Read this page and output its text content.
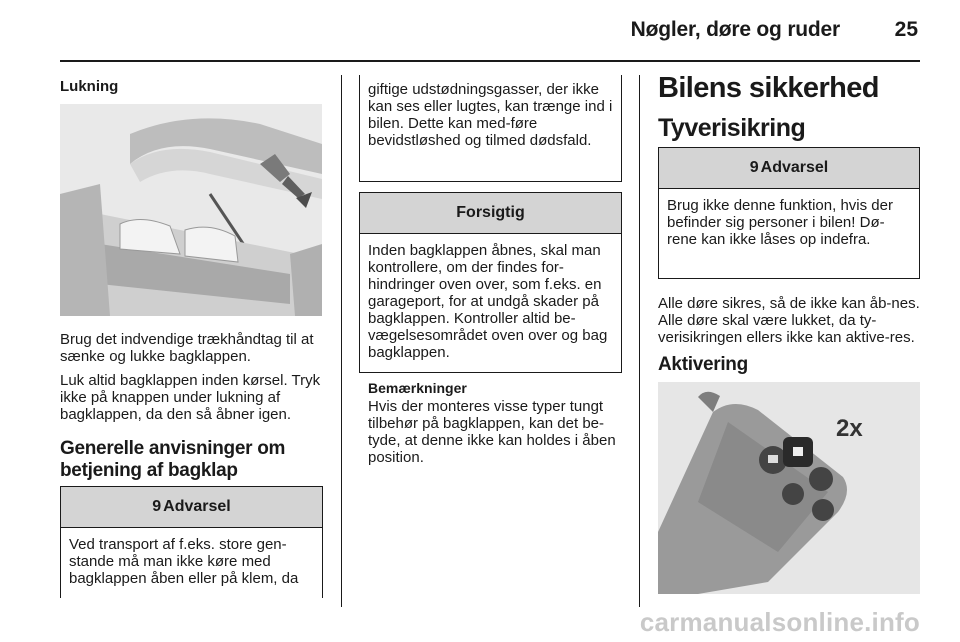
Nøgler, døre og ruder	25
Lukning

Brug det indvendige trækhåndtag til at sænke og lukke bagklappen.

Luk altid bagklappen inden kørsel. Tryk ikke på knappen under lukning af bagklappen, da den så åbner igen.

Generelle anvisninger om betjening af bagklap
9 Advarsel
Ved transport af f.eks. store gen-stande må man ikke køre med bagklappen åben eller på klem, da
giftige udstødningsgasser, der ikke kan ses eller lugtes, kan trænge ind i bilen. Dette kan med-føre bevidstløshed og tilmed dødsfald.
Forsigtig
Inden bagklappen åbnes, skal man kontrollere, om der findes for-hindringer oven over, som f.eks. en garageport, for at undgå skader på bagklappen. Kontroller altid be-vægelsesområdet oven over og bag bagklappen.
Bemærkninger

Hvis der monteres visse typer tungt tilbehør på bagklappen, kan det be-tyde, at denne ikke kan holdes i åben position.

Bilens sikkerhed
Tyverisikring
9 Advarsel
Brug ikke denne funktion, hvis der befinder sig personer i bilen! Dø-rene kan ikke låses op indefra.

Alle døre sikres, så de ikke kan åb-nes. Alle døre skal være lukket, da ty-verisikringen ellers ikke kan aktive-res.

Aktivering
2x
carmanualsonline.info
